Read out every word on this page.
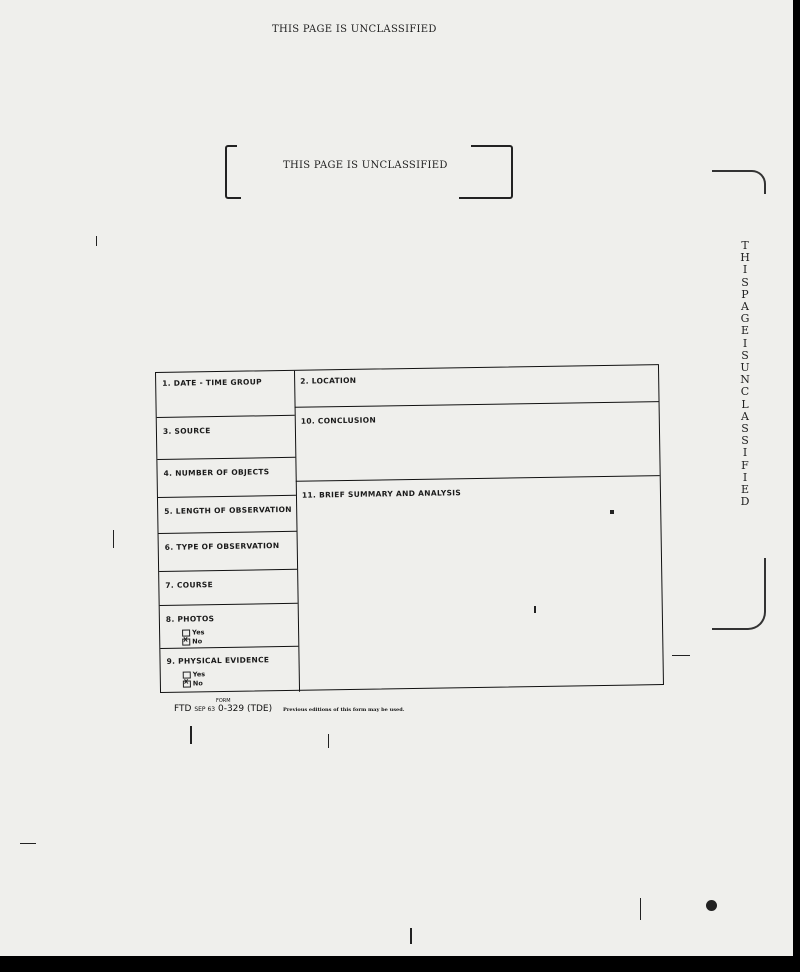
THIS PAGE IS UNCLASSIFIED
THIS PAGE IS UNCLASSIFIED
THIS PAGE IS UNCLASSIFIED
1. DATE - TIME GROUP	2. LOCATION
3. SOURCE
10. CONCLUSION
4. NUMBER OF OBJECTS
5. LENGTH OF OBSERVATION
11. BRIEF SUMMARY AND ANALYSIS
6. TYPE OF OBSERVATION
7. COURSE
8. PHOTOS
Yes
XNo
9. PHYSICAL EVIDENCE
Yes
XNo
FORM
FTD SEP 63 0-329 (TDE) Previous editions of this form may be used.
